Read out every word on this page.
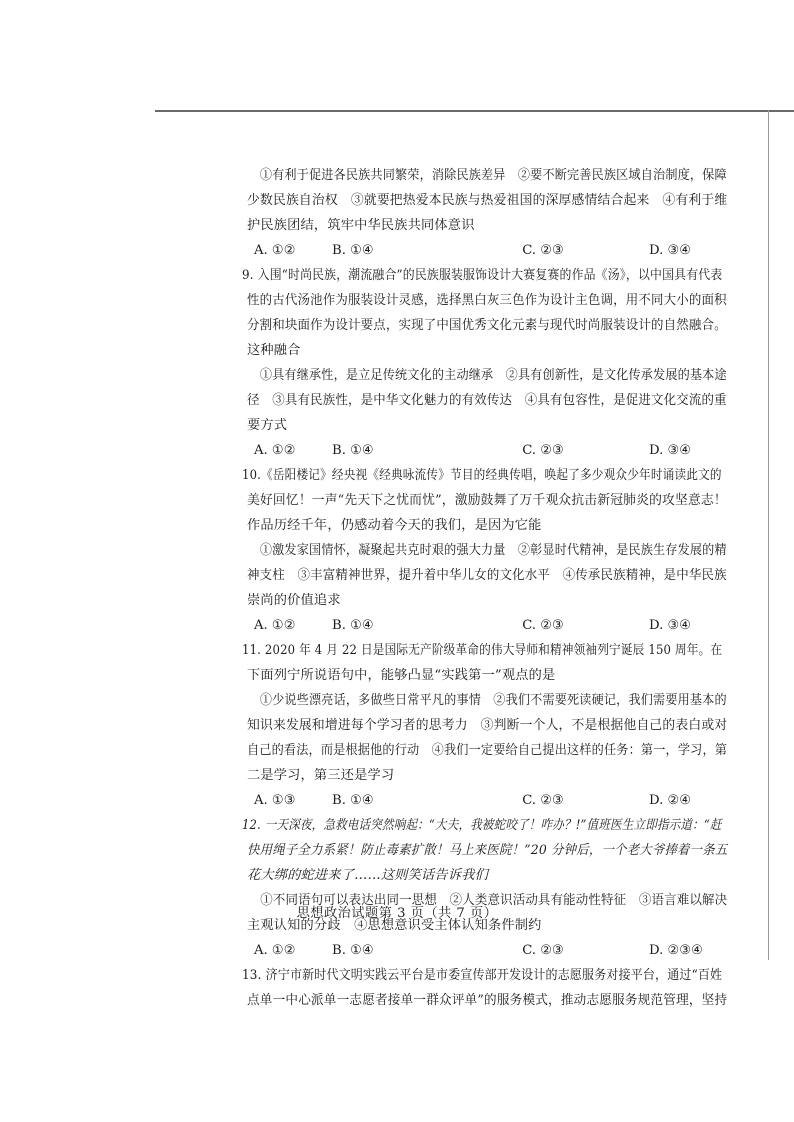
①有利于促进各民族共同繁荣，消除民族差异　②要不断完善民族区域自治制度，保障
少数民族自治权　③就要把热爱本民族与热爱祖国的深厚感情结合起来　④有利于维
护民族团结，筑牢中华民族共同体意识
A. ①②	B. ①④	C. ②③	D. ③④
9. 入围“时尚民族，潮流融合”的民族服装服饰设计大赛复赛的作品《汤》，以中国具有代表
性的古代汤池作为服装设计灵感，选择黑白灰三色作为设计主色调，用不同大小的面积
分割和块面作为设计要点，实现了中国优秀文化元素与现代时尚服装设计的自然融合。
这种融合
①具有继承性，是立足传统文化的主动继承　②具有创新性，是文化传承发展的基本途
径　③具有民族性，是中华文化魅力的有效传达　④具有包容性，是促进文化交流的重
要方式
A. ①②	B. ①④	C. ②③	D. ③④
10.《岳阳楼记》经央视《经典咏流传》节目的经典传唱，唤起了多少观众少年时诵读此文的
美好回忆！一声“先天下之忧而忧”，激励鼓舞了万千观众抗击新冠肺炎的攻坚意志！
作品历经千年，仍感动着今天的我们，是因为它能
①激发家国情怀，凝聚起共克时艰的强大力量　②彰显时代精神，是民族生存发展的精
神支柱　③丰富精神世界，提升着中华儿女的文化水平　④传承民族精神，是中华民族
崇尚的价值追求
A. ①②	B. ①④	C. ②③	D. ③④
11. 2020 年 4 月 22 日是国际无产阶级革命的伟大导师和精神领袖列宁诞辰 150 周年。在
下面列宁所说语句中，能够凸显“实践第一”观点的是
①少说些漂亮话，多做些日常平凡的事情　②我们不需要死读硬记，我们需要用基本的
知识来发展和增进每个学习者的思考力　③判断一个人，不是根据他自己的表白或对
自己的看法，而是根据他的行动　④我们一定要给自己提出这样的任务：第一，学习，第
二是学习，第三还是学习
A. ①③	B. ①④	C. ②③	D. ②④
12. 一天深夜，急救电话突然响起：“大夫，我被蛇咬了！咋办？!”值班医生立即指示道：“赶
快用绳子全力系紧！防止毒素扩散！马上来医院！”20 分钟后，一个老大爷捧着一条五
花大绑的蛇进来了……这则笑话告诉我们
①不同语句可以表达出同一思想　②人类意识活动具有能动性特征　③语言难以解决
主观认知的分歧　④思想意识受主体认知条件制约
A. ①②	B. ①④	C. ②③	D. ②③④
13. 济宁市新时代文明实践云平台是市委宣传部开发设计的志愿服务对接平台，通过“百姓
点单一中心派单一志愿者接单一群众评单”的服务模式，推动志愿服务规范管理，坚持
思想政治试题第 3 页（共 7 页）
